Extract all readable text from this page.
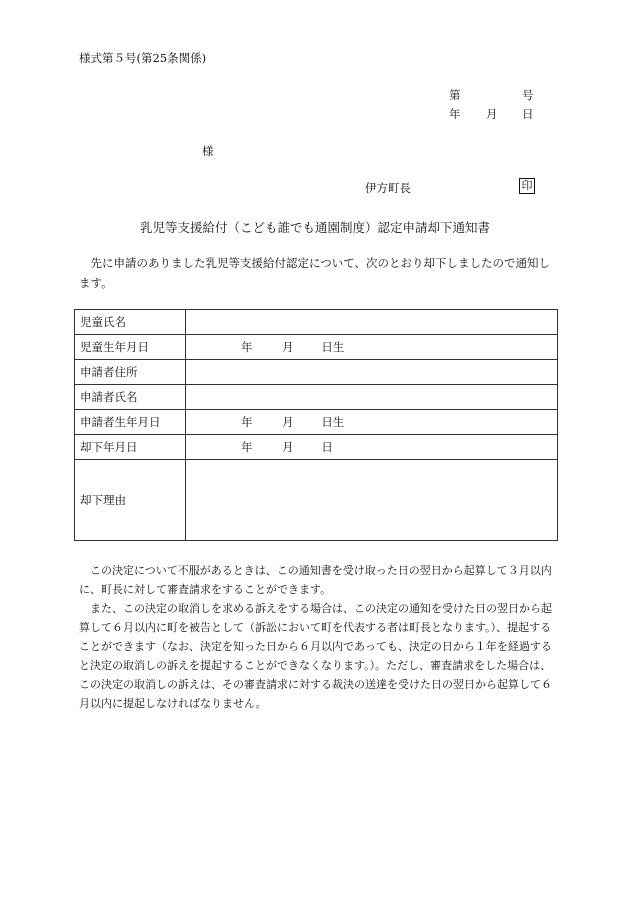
様式第５号(第25条関係)
第	号
年 月 日
様
伊方町長	印
乳児等支援給付（こども誰でも通園制度）認定申請却下通知書
先に申請のありました乳児等支援給付認定について、次のとおり却下しましたので通知します。
児童氏名	
児童生年月日	年 月 日生
申請者住所	
申請者氏名	
申請者生年月日	年 月 日生
却下年月日	年 月 日
却下理由	

この決定について不服があるときは、この通知書を受け取った日の翌日から起算して３月以内に、町長に対して審査請求をすることができます。

また、この決定の取消しを求める訴えをする場合は、この決定の通知を受けた日の翌日から起算して６月以内に町を被告として（訴訟において町を代表する者は町長となります。）、提起することができます（なお、決定を知った日から６月以内であっても、決定の日から１年を経過すると決定の取消しの訴えを提起することができなくなります。）。ただし、審査請求をした場合は、この決定の取消しの訴えは、その審査請求に対する裁決の送達を受けた日の翌日から起算して６月以内に提起しなければなりません。
